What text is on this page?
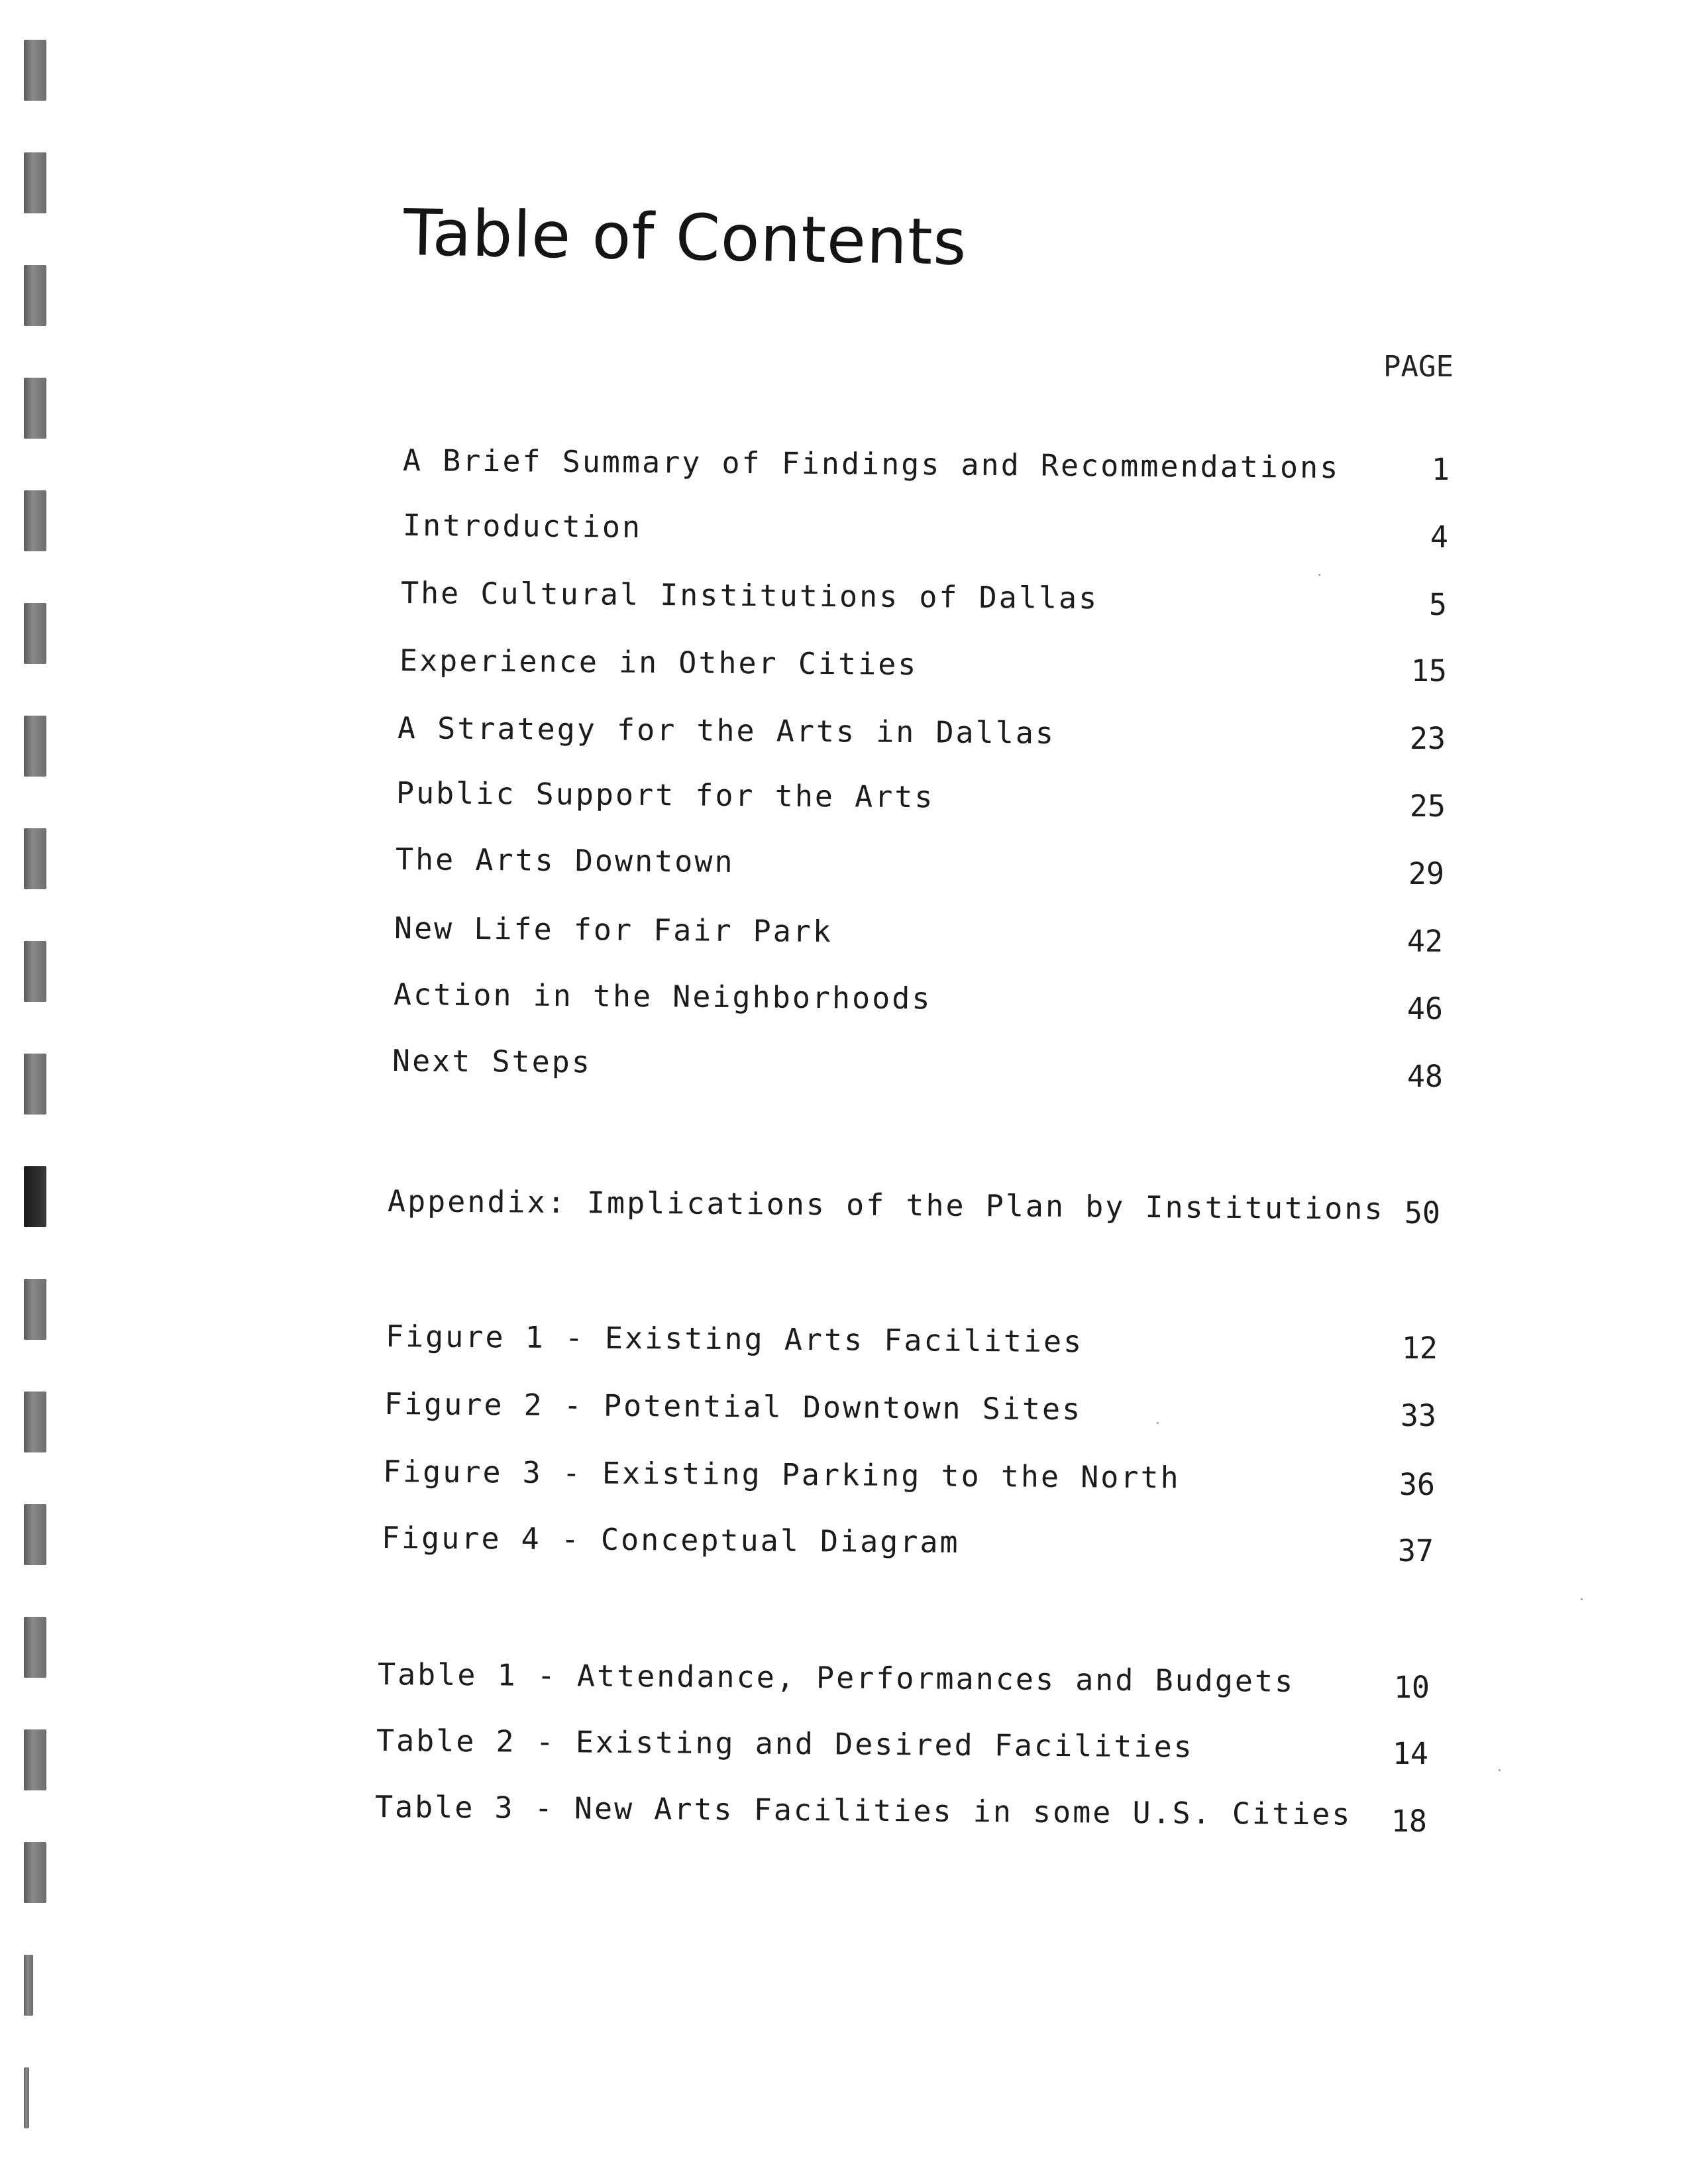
Table of Contents
PAGE
A Brief Summary of Findings and Recommendations	1
Introduction	4
The Cultural Institutions of Dallas	5
Experience in Other Cities	15
A Strategy for the Arts in Dallas	23
Public Support for the Arts	25
The Arts Downtown	29
New Life for Fair Park	42
Action in the Neighborhoods	46
Next Steps	48
Appendix: Implications of the Plan by Institutions 50
Figure 1 - Existing Arts Facilities	12
Figure 2 - Potential Downtown Sites	33
Figure 3 - Existing Parking to the North	36
Figure 4 - Conceptual Diagram	37
Table 1 - Attendance, Performances and Budgets	10
Table 2 - Existing and Desired Facilities	14
Table 3 - New Arts Facilities in some U.S. Cities	18
